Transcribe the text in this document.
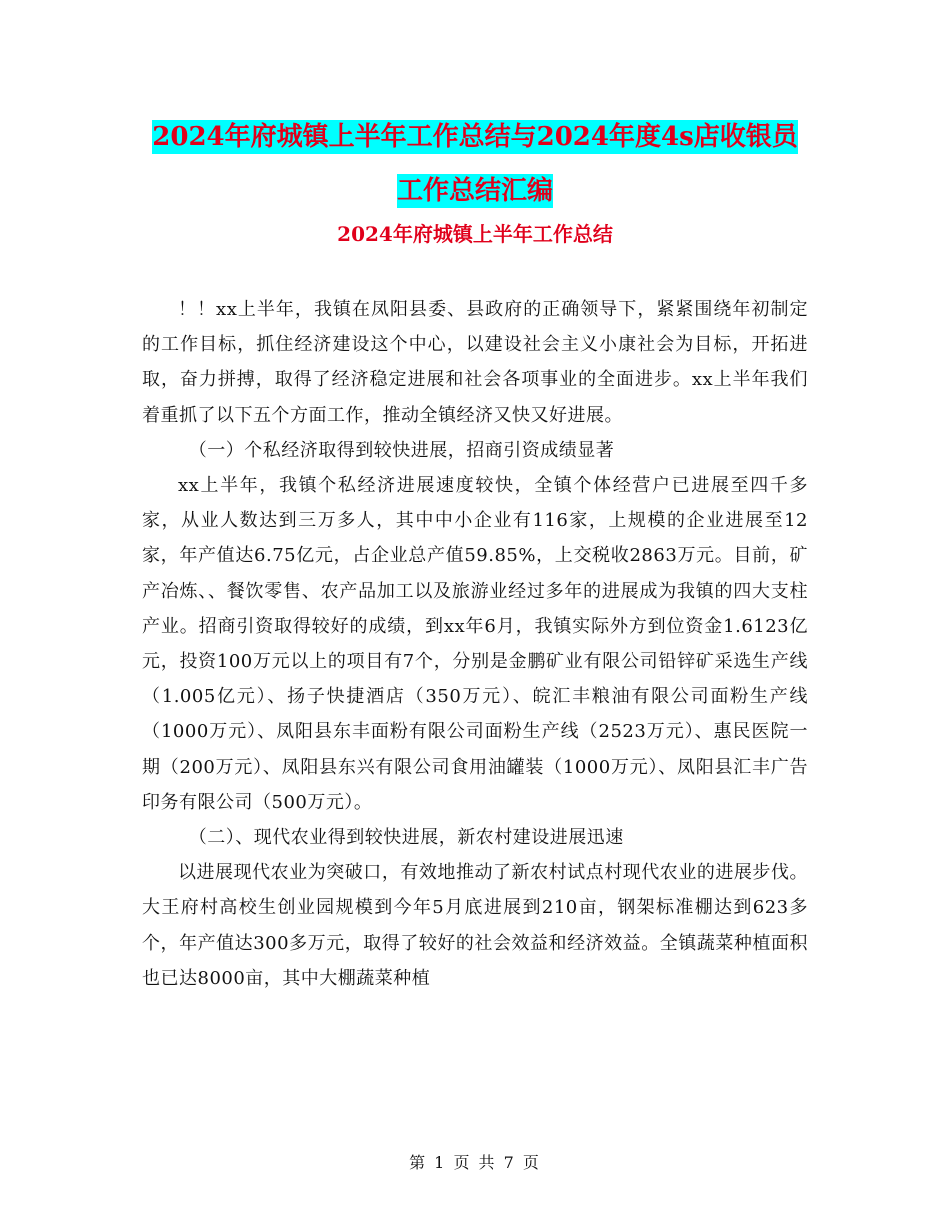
2024年府城镇上半年工作总结与2024年度4s店收银员工作总结汇编
2024年府城镇上半年工作总结

！！xx上半年，我镇在凤阳县委、县政府的正确领导下，紧紧围绕年初制定的工作目标，抓住经济建设这个中心，以建设社会主义小康社会为目标，开拓进取，奋力拼搏，取得了经济稳定进展和社会各项事业的全面进步。xx上半年我们着重抓了以下五个方面工作，推动全镇经济又快又好进展。

（一）个私经济取得到较快进展，招商引资成绩显著

xx上半年，我镇个私经济进展速度较快，全镇个体经营户已进展至四千多家，从业人数达到三万多人，其中中小企业有116家，上规模的企业进展至12家，年产值达6.75亿元，占企业总产值59.85%，上交税收2863万元。目前，矿产冶炼、、餐饮零售、农产品加工以及旅游业经过多年的进展成为我镇的四大支柱产业。招商引资取得较好的成绩，到xx年6月，我镇实际外方到位资金1.6123亿元，投资100万元以上的项目有7个，分别是金鹏矿业有限公司铅锌矿采选生产线（1.005亿元）、扬子快捷酒店（350万元）、皖汇丰粮油有限公司面粉生产线（1000万元）、凤阳县东丰面粉有限公司面粉生产线（2523万元）、惠民医院一期（200万元）、凤阳县东兴有限公司食用油罐装（1000万元）、凤阳县汇丰广告印务有限公司（500万元）。

（二）、现代农业得到较快进展，新农村建设进展迅速

以进展现代农业为突破口，有效地推动了新农村试点村现代农业的进展步伐。大王府村高校生创业园规模到今年5月底进展到210亩，钢架标准棚达到623多个，年产值达300多万元，取得了较好的社会效益和经济效益。全镇蔬菜种植面积也已达8000亩，其中大棚蔬菜种植

第 1 页 共 7 页
